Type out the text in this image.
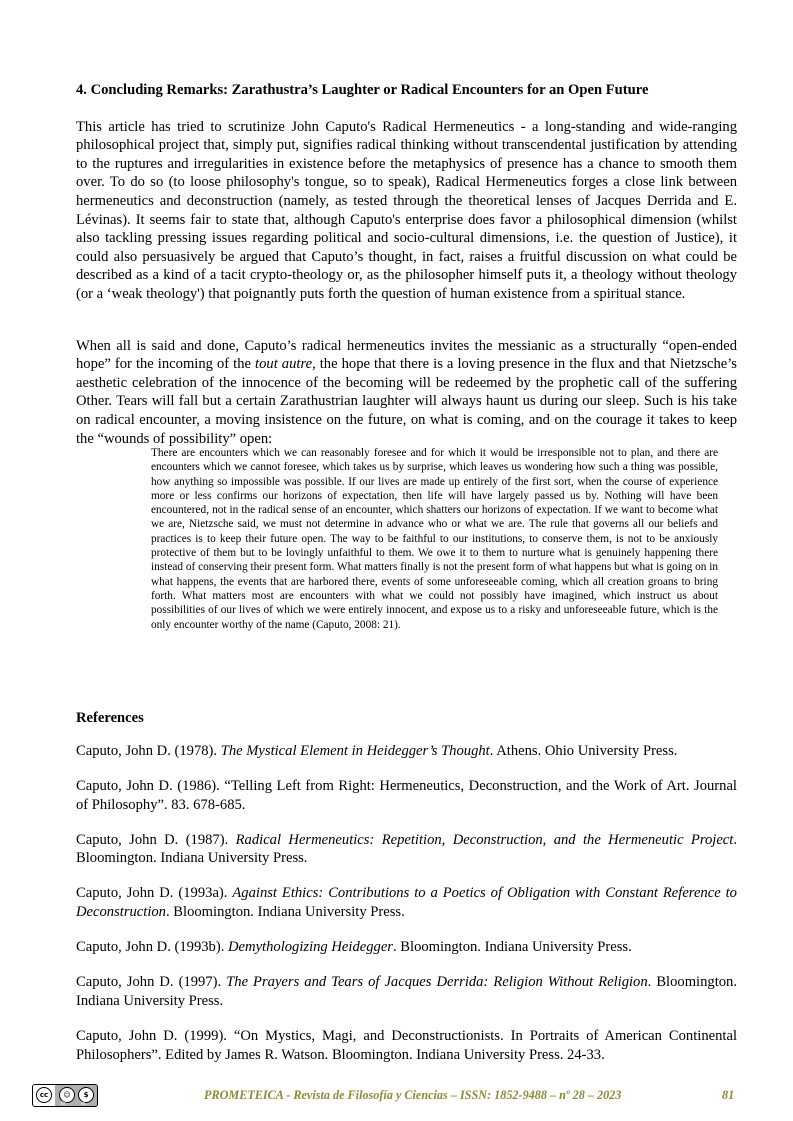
4. Concluding Remarks: Zarathustra’s Laughter or Radical Encounters for an Open Future

This article has tried to scrutinize John Caputo's Radical Hermeneutics - a long-standing and wide-ranging philosophical project that, simply put, signifies radical thinking without transcendental justification by attending to the ruptures and irregularities in existence before the metaphysics of presence has a chance to smooth them over. To do so (to loose philosophy's tongue, so to speak), Radical Hermeneutics forges a close link between hermeneutics and deconstruction (namely, as tested through the theoretical lenses of Jacques Derrida and E. Lévinas). It seems fair to state that, although Caputo's enterprise does favor a philosophical dimension (whilst also tackling pressing issues regarding political and socio-cultural dimensions, i.e. the question of Justice), it could also persuasively be argued that Caputo’s thought, in fact, raises a fruitful discussion on what could be described as a kind of a tacit crypto-theology or, as the philosopher himself puts it, a theology without theology (or a ‘weak theology') that poignantly puts forth the question of human existence from a spiritual stance.

When all is said and done, Caputo’s radical hermeneutics invites the messianic as a structurally “open-ended hope” for the incoming of the tout autre, the hope that there is a loving presence in the flux and that Nietzsche’s aesthetic celebration of the innocence of the becoming will be redeemed by the prophetic call of the suffering Other. Tears will fall but a certain Zarathustrian laughter will always haunt us during our sleep. Such is his take on radical encounter, a moving insistence on the future, on what is coming, and on the courage it takes to keep the “wounds of possibility” open:

There are encounters which we can reasonably foresee and for which it would be irresponsible not to plan, and there are encounters which we cannot foresee, which takes us by surprise, which leaves us wondering how such a thing was possible, how anything so impossible was possible. If our lives are made up entirely of the first sort, when the course of experience more or less confirms our horizons of expectation, then life will have largely passed us by. Nothing will have been encountered, not in the radical sense of an encounter, which shatters our horizons of expectation. If we want to become what we are, Nietzsche said, we must not determine in advance who or what we are. The rule that governs all our beliefs and practices is to keep their future open. The way to be faithful to our institutions, to conserve them, is not to be anxiously protective of them but to be lovingly unfaithful to them. We owe it to them to nurture what is genuinely happening there instead of conserving their present form. What matters finally is not the present form of what happens but what is going on in what happens, the events that are harbored there, events of some unforeseeable coming, which all creation groans to bring forth. What matters most are encounters with what we could not possibly have imagined, which instruct us about possibilities of our lives of which we were entirely innocent, and expose us to a risky and unforeseeable future, which is the only encounter worthy of the name (Caputo, 2008: 21).
References
Caputo, John D. (1978). The Mystical Element in Heidegger’s Thought. Athens. Ohio University Press.
Caputo, John D. (1986). “Telling Left from Right: Hermeneutics, Deconstruction, and the Work of Art. Journal of Philosophy”. 83. 678-685.
Caputo, John D. (1987). Radical Hermeneutics: Repetition, Deconstruction, and the Hermeneutic Project. Bloomington. Indiana University Press.
Caputo, John D. (1993a). Against Ethics: Contributions to a Poetics of Obligation with Constant Reference to Deconstruction. Bloomington. Indiana University Press.
Caputo, John D. (1993b). Demythologizing Heidegger. Bloomington. Indiana University Press.
Caputo, John D. (1997). The Prayers and Tears of Jacques Derrida: Religion Without Religion. Bloomington. Indiana University Press.
Caputo, John D. (1999). “On Mystics, Magi, and Deconstructionists. In Portraits of American Continental Philosophers”. Edited by James R. Watson. Bloomington. Indiana University Press. 24-33.
cc	☺	$
BY	NC
PROMETEICA - Revista de Filosofía y Ciencias – ISSN: 1852-9488 – nº 28 – 2023	81
